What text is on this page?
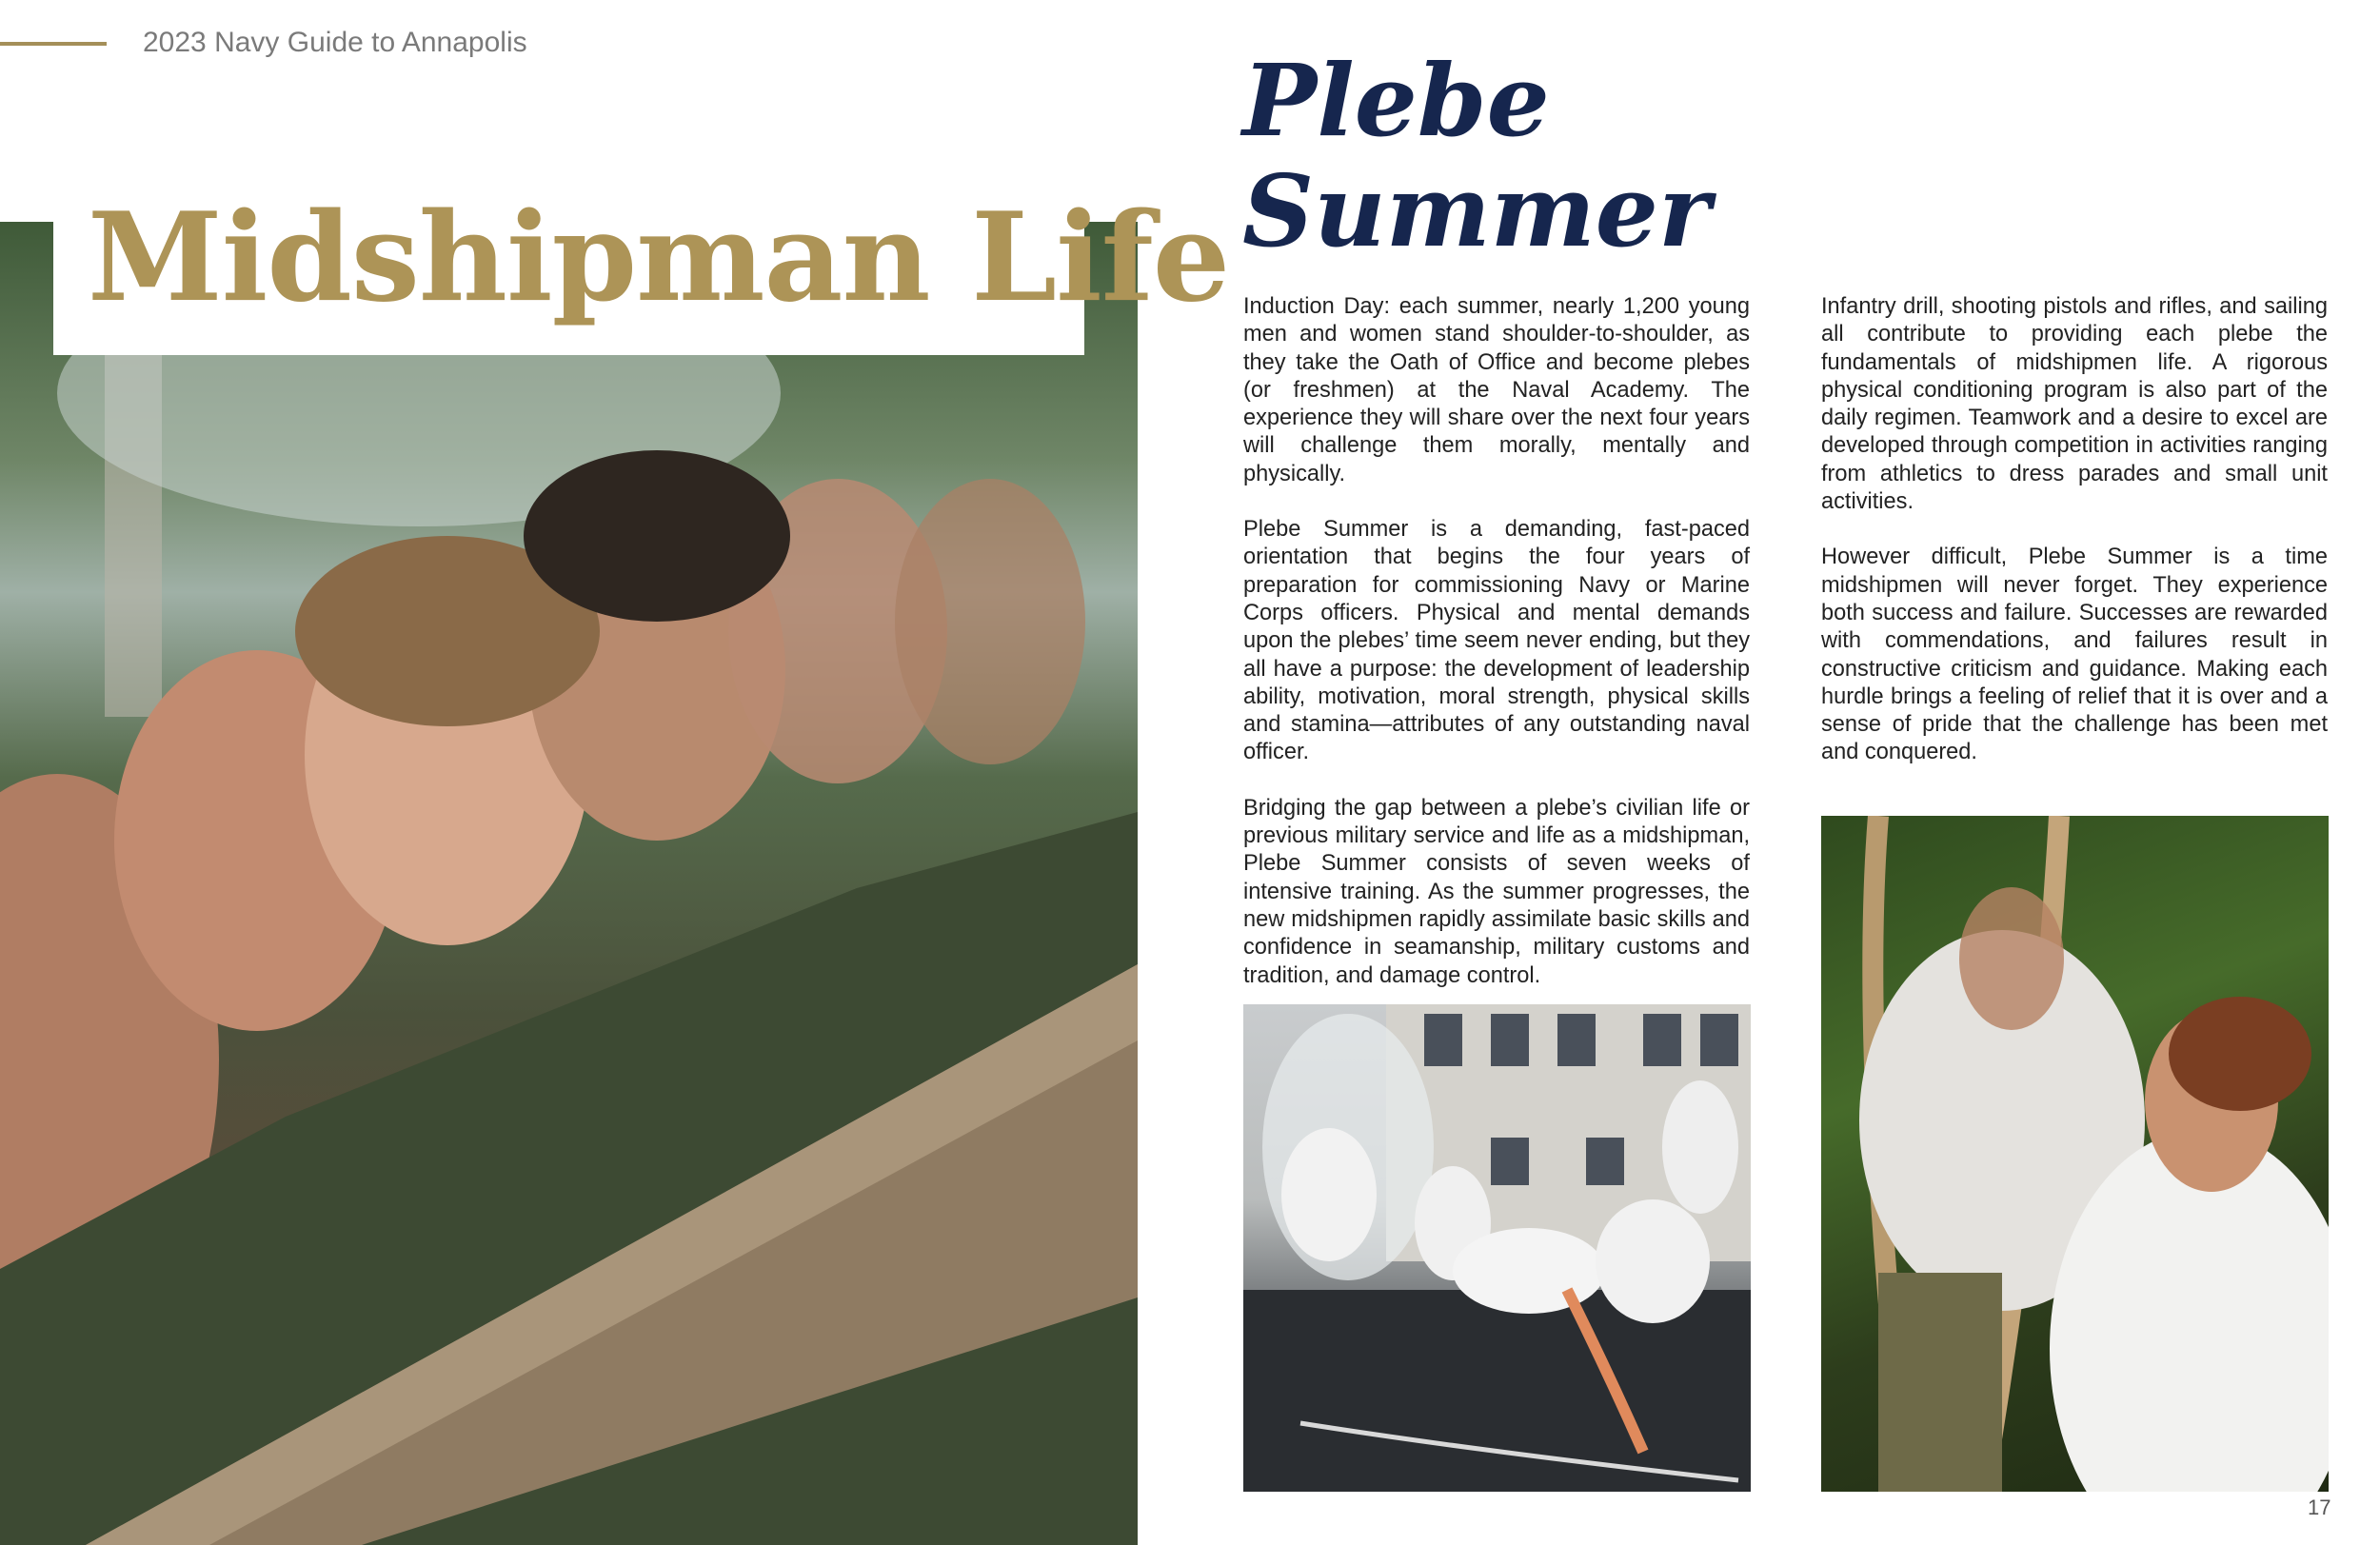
2023 Navy Guide to Annapolis
Midshipman Life
Plebe
Summer

Induction Day: each summer, nearly 1,200 young men and women stand shoulder-to-shoulder, as they take the Oath of Office and become plebes (or freshmen) at the Naval Academy. The experience they will share over the next four years will challenge them morally, mentally and physically.

Plebe Summer is a demanding, fast-paced orientation that begins the four years of preparation for commissioning Navy or Marine Corps officers. Physical and mental demands upon the plebes’ time seem never ending, but they all have a purpose: the development of leadership ability, motivation, moral strength, physical skills and stamina—attributes of any outstanding naval officer.

Bridging the gap between a plebe’s civilian life or previous military service and life as a midshipman, Plebe Summer consists of seven weeks of intensive training. As the summer progresses, the new midshipmen rapidly assimilate basic skills and confidence in seamanship, military customs and tradition, and damage control.

Infantry drill, shooting pistols and rifles, and sailing all contribute to providing each plebe the fundamentals of midshipmen life. A rigorous physical conditioning program is also part of the daily regimen. Teamwork and a desire to excel are developed through competition in activities ranging from athletics to dress parades and small unit activities.

However difficult, Plebe Summer is a time midshipmen will never forget. They experience both success and failure. Successes are rewarded with commendations, and failures result in constructive criticism and guidance. Making each hurdle brings a feeling of relief that it is over and a sense of pride that the challenge has been met and conquered.

17
